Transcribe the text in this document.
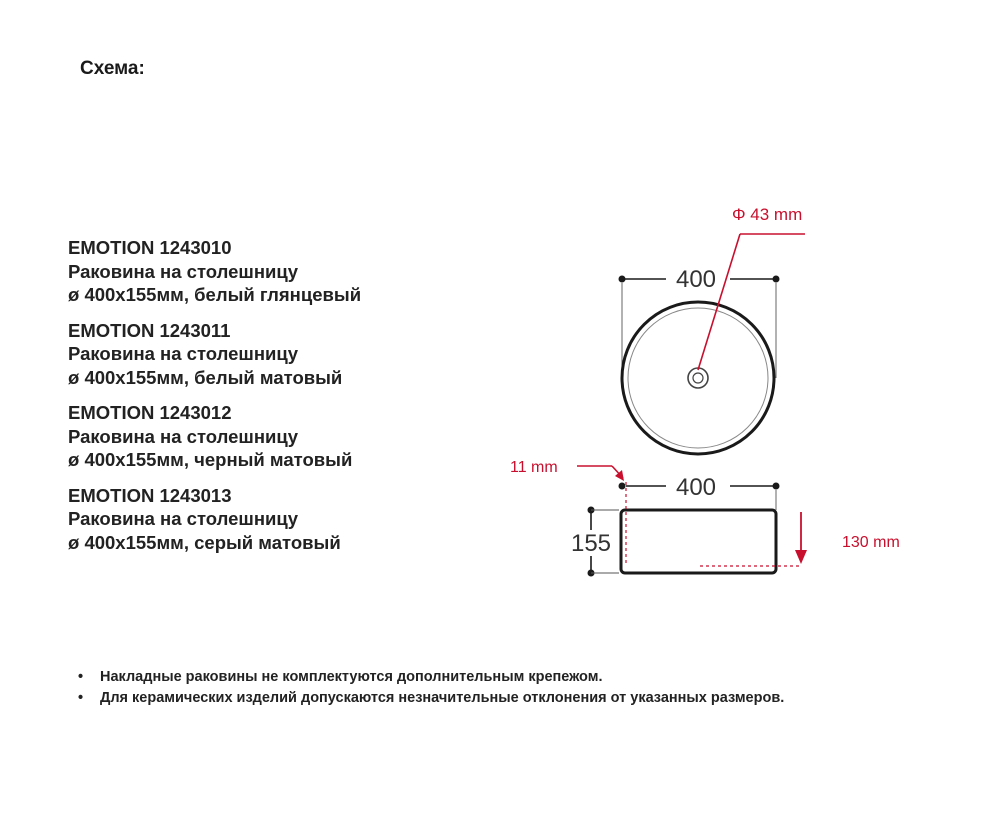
Схема:
EMOTION 1243010
Раковина на столешницу
ø 400x155мм, белый глянцевый
EMOTION 1243011
Раковина на столешницу
ø 400x155мм, белый матовый
EMOTION 1243012
Раковина на столешницу
ø 400x155мм, черный матовый
EMOTION 1243013
Раковина на столешницу
ø 400x155мм, серый матовый
400
Φ 43 mm
400
155
11 mm
130 mm
• Накладные раковины не комплектуются дополнительным крепежом.
• Для керамических изделий допускаются незначительные отклонения от указанных размеров.
